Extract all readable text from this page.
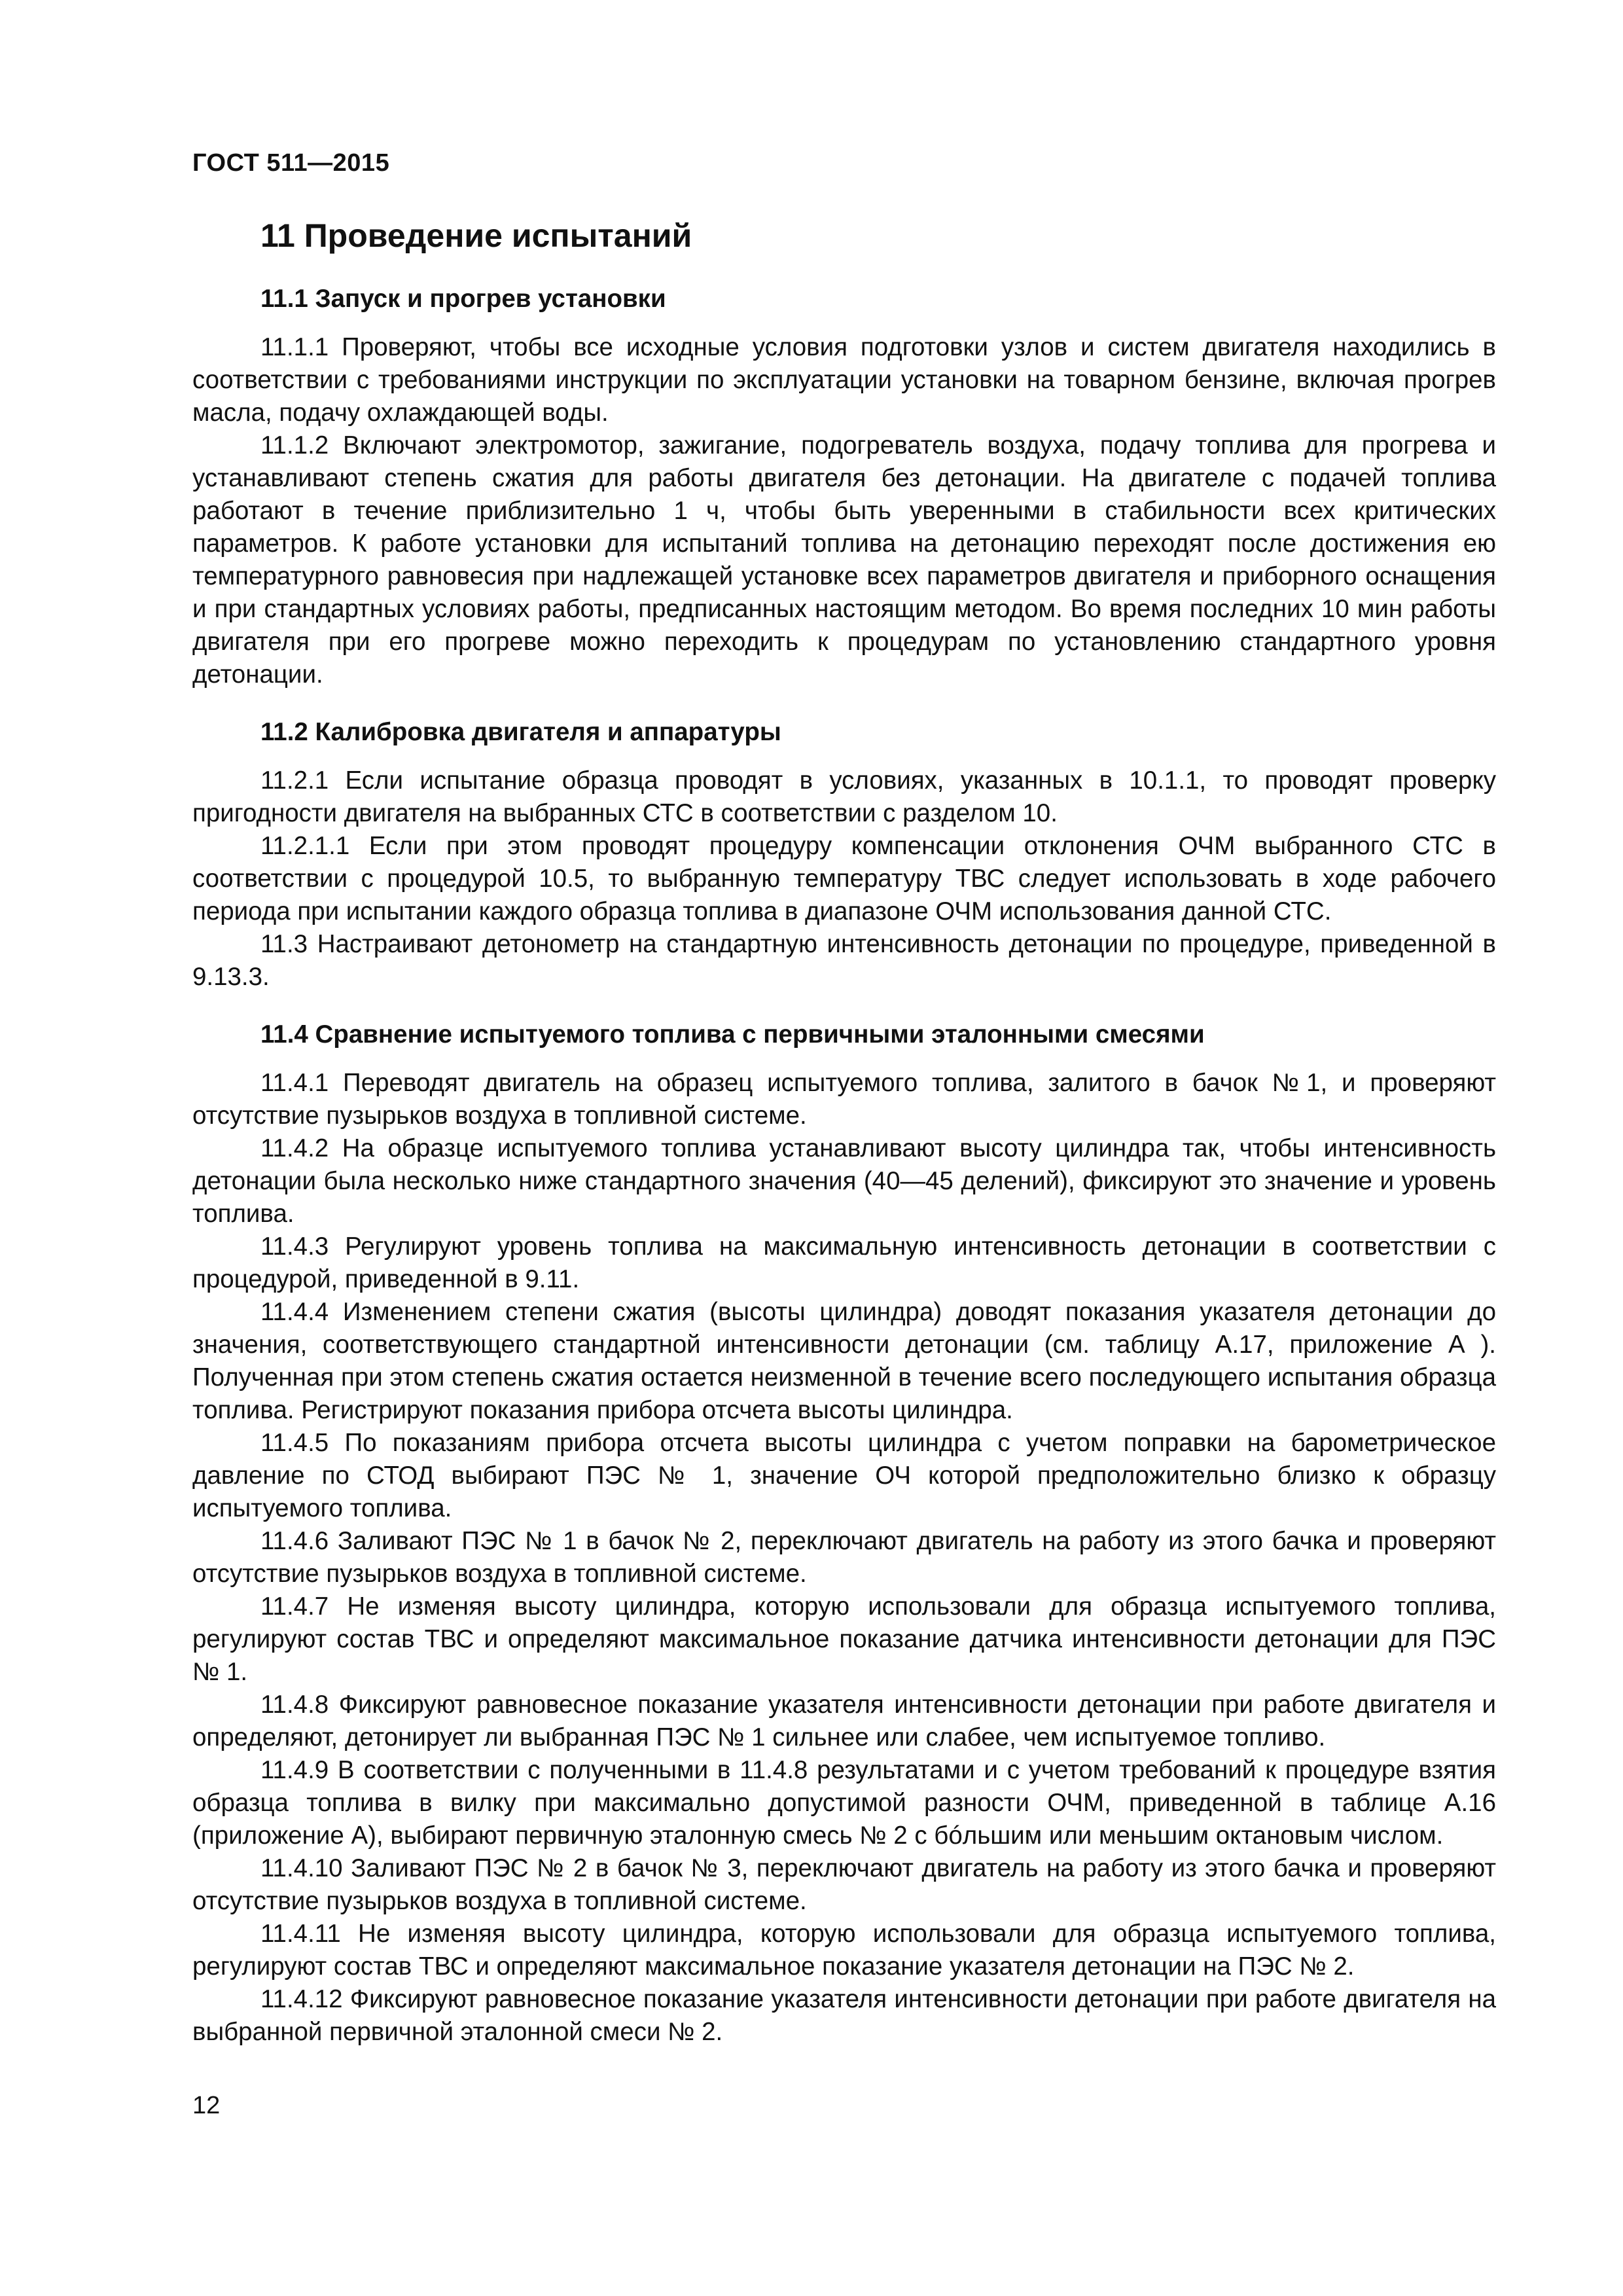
ГОСТ 511—2015
11 Проведение испытаний
11.1 Запуск и прогрев установки

11.1.1 Проверяют, чтобы все исходные условия подготовки узлов и систем двигателя находились в соответствии с требованиями инструкции по эксплуатации установки на товарном бензине, включая прогрев масла, подачу охлаждающей воды.

11.1.2 Включают электромотор, зажигание, подогреватель воздуха, подачу топлива для прогрева и устанавливают степень сжатия для работы двигателя без детонации. На двигателе с подачей топлива работают в течение приблизительно 1 ч, чтобы быть уверенными в стабильности всех критических параметров. К работе установки для испытаний топлива на детонацию переходят после достижения ею температурного равновесия при надлежащей установке всех параметров двигателя и приборного оснащения и при стандартных условиях работы, предписанных настоящим методом. Во время последних 10 мин работы двигателя при его прогреве можно переходить к процедурам по установлению стандартного уровня детонации.

11.2 Калибровка двигателя и аппаратуры

11.2.1 Если испытание образца проводят в условиях, указанных в 10.1.1, то проводят проверку пригодности двигателя на выбранных СТС в соответствии с разделом 10.

11.2.1.1 Если при этом проводят процедуру компенсации отклонения ОЧМ выбранного СТС в соответствии с процедурой 10.5, то выбранную температуру ТВС следует использовать в ходе рабочего периода при испытании каждого образца топлива в диапазоне ОЧМ использования данной СТС.

11.3 Настраивают детонометр на стандартную интенсивность детонации по процедуре, приведенной в 9.13.3.

11.4 Сравнение испытуемого топлива с первичными эталонными смесями

11.4.1 Переводят двигатель на образец испытуемого топлива, залитого в бачок №1, и проверяют отсутствие пузырьков воздуха в топливной системе.

11.4.2 На образце испытуемого топлива устанавливают высоту цилиндра так, чтобы интенсивность детонации была несколько ниже стандартного значения (40—45 делений), фиксируют это значение и уровень топлива.

11.4.3 Регулируют уровень топлива на максимальную интенсивность детонации в соответствии с процедурой, приведенной в 9.11.

11.4.4 Изменением степени сжатия (высоты цилиндра) доводят показания указателя детонации до значения, соответствующего стандартной интенсивности детонации (см. таблицу А.17, приложение А ). Полученная при этом степень сжатия остается неизменной в течение всего последующего испытания образца топлива. Регистрируют показания прибора отсчета высоты цилиндра.

11.4.5 По показаниям прибора отсчета высоты цилиндра с учетом поправки на барометрическое давление по СТОД выбирают ПЭС № 1, значение ОЧ которой предположительно близко к образцу испытуемого топлива.

11.4.6 Заливают ПЭС № 1 в бачок № 2, переключают двигатель на работу из этого бачка и проверяют отсутствие пузырьков воздуха в топливной системе.

11.4.7 Не изменяя высоту цилиндра, которую использовали для образца испытуемого топлива, регулируют состав ТВС и определяют максимальное показание датчика интенсивности детонации для ПЭС № 1.

11.4.8 Фиксируют равновесное показание указателя интенсивности детонации при работе двигателя и определяют, детонирует ли выбранная ПЭС № 1 сильнее или слабее, чем испытуемое топливо.

11.4.9 В соответствии с полученными в 11.4.8 результатами и с учетом требований к процедуре взятия образца топлива в вилку при максимально допустимой разности ОЧМ, приведенной в таблице А.16 (приложение А), выбирают первичную эталонную смесь № 2 с бóльшим или меньшим октановым числом.

11.4.10 Заливают ПЭС № 2 в бачок № 3, переключают двигатель на работу из этого бачка и проверяют отсутствие пузырьков воздуха в топливной системе.

11.4.11 Не изменяя высоту цилиндра, которую использовали для образца испытуемого топлива, регулируют состав ТВС и определяют максимальное показание указателя детонации на ПЭС № 2.

11.4.12 Фиксируют равновесное показание указателя интенсивности детонации при работе двигателя на выбранной первичной эталонной смеси № 2.

12
